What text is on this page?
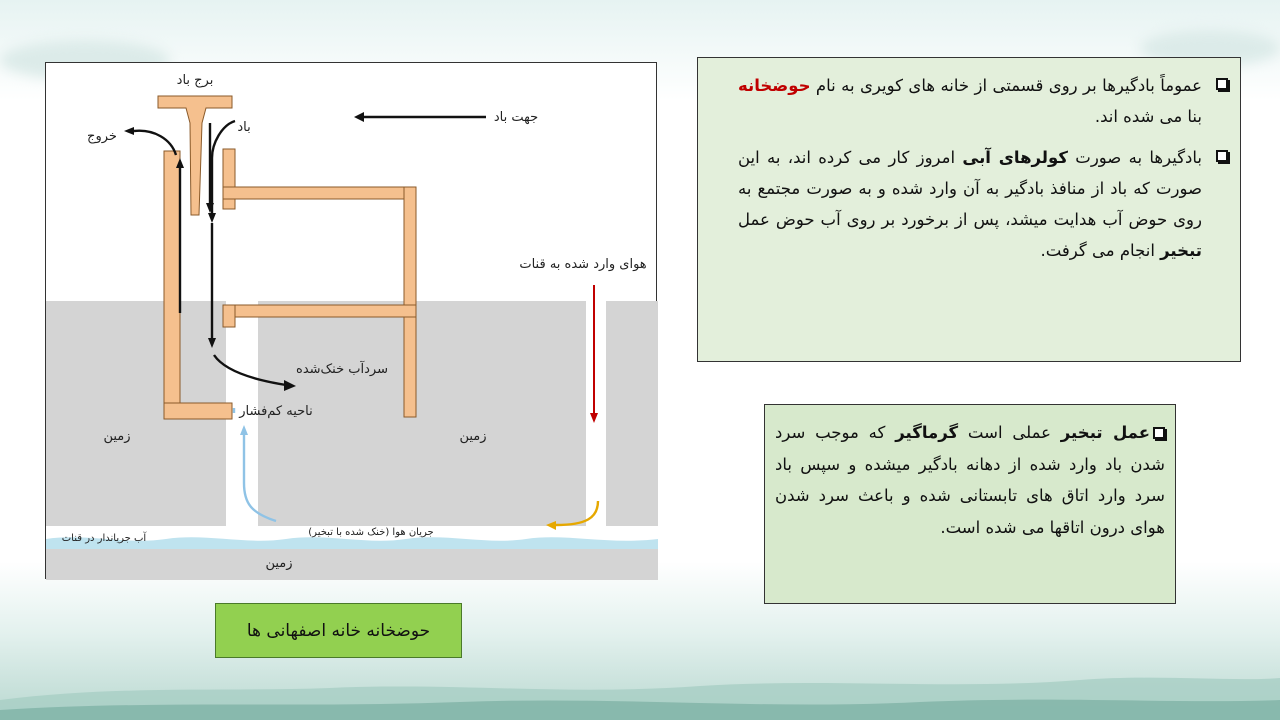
برج باد
خروج
باد
جهت باد
هوای وارد شده به قنات
سردآب خنک‌شده
ناحیه کم‌فشار
زمین	زمین
زمین
جریان هوا (خنک شده با تبخیر)
آب جریاندار در قنات
حوضخانه خانه اصفهانی ها

عموماً بادگیرها بر روی قسمتی از خانه های کویری به نام حوضخانه بنا می شده اند.

بادگیرها به صورت کولرهای آبی امروز کار می کرده اند، به این صورت که باد از منافذ بادگیر به آن وارد شده و به صورت مجتمع به روی حوض آب هدایت میشد، پس از برخورد بر روی آب حوض عمل تبخیر انجام می گرفت.

عمل تبخیر عملی است گرماگیر که موجب سرد شدن باد وارد شده از دهانه بادگیر میشده و سپس باد سرد وارد اتاق های تابستانی شده و باعث سرد شدن هوای درون اتاقها می شده است.
